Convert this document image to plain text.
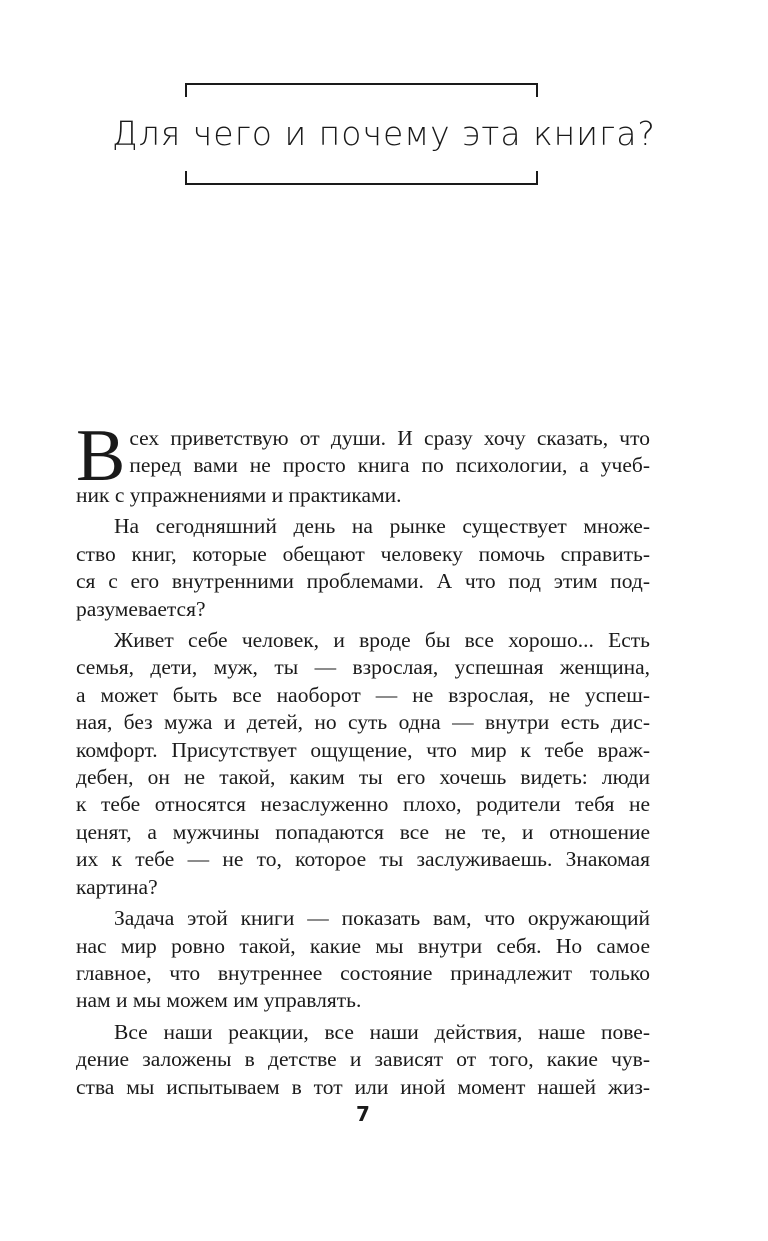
Для чего и почему эта книга?
В сех приветствую от души. И сразу хочу сказать, что
перед вами не просто книга по психологии, а учеб-
ник с упражнениями и практиками.
На сегодняшний день на рынке существует множе-
ство книг, которые обещают человеку помочь справить-
ся с его внутренними проблемами. А что под этим под-
разумевается?
Живет себе человек, и вроде бы все хорошо... Есть
семья, дети, муж, ты — взрослая, успешная женщина,
а может быть все наоборот — не взрослая, не успеш-
ная, без мужа и детей, но суть одна — внутри есть дис-
комфорт. Присутствует ощущение, что мир к тебе враж-
дебен, он не такой, каким ты его хочешь видеть: люди
к тебе относятся незаслуженно плохо, родители тебя не
ценят, а мужчины попадаются все не те, и отношение
их к тебе — не то, которое ты заслуживаешь. Знакомая
картина?
Задача этой книги — показать вам, что окружающий
нас мир ровно такой, какие мы внутри себя. Но самое
главное, что внутреннее состояние принадлежит только
нам и мы можем им управлять.
Все наши реакции, все наши действия, наше пове-
дение заложены в детстве и зависят от того, какие чув-
ства мы испытываем в тот или иной момент нашей жиз-
7
